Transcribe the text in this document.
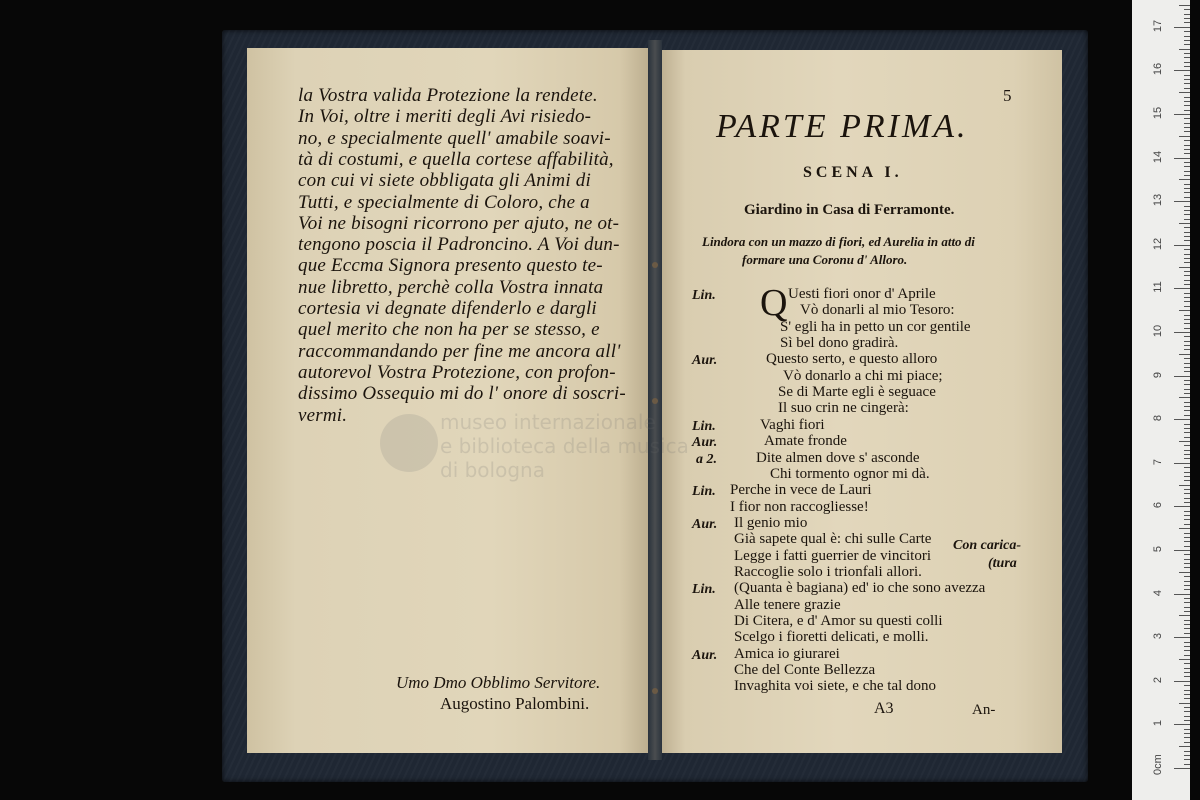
la Vostra valida Protezione la rendete.
In Voi, oltre i meriti degli Avi risiedo-
no, e specialmente quell' amabile soavi-
tà di costumi, e quella cortese affabilità,
con cui vi siete obbligata gli Animi di
Tutti, e specialmente di Coloro, che a
Voi ne bisogni ricorrono per ajuto, ne ot-
tengono poscia il Padroncino. A Voi dun-
que Eccma Signora presento questo te-
nue libretto, perchè colla Vostra innata
cortesia vi degnate difenderlo e dargli
quel merito che non ha per se stesso, e
raccommandando per fine me ancora all'
autorevol Vostra Protezione, con profon-
dissimo Ossequio mi do l' onore di soscri-
vermi.
Umo Dmo Obblimo Servitore.
Augostino Palombini.
5
PARTE PRIMA.
SCENA I.
Giardino in Casa di Ferramonte.
Lindora con un mazzo di fiori, ed Aurelia in atto di
formare una Coronu d' Alloro.
Q
Lin.	Uesti fiori onor d' Aprile
Vò donarli al mio Tesoro:
S' egli ha in petto un cor gentile
Sì bel dono gradirà.
Aur.	Questo serto, e questo alloro
Vò donarlo a chi mi piace;
Se di Marte egli è seguace
Il suo crin ne cingerà:
Lin.	Vaghi fiori
Aur.	Amate fronde
a 2.	Dite almen dove s' asconde
Chi tormento ognor mi dà.
Lin. Perche in vece de Lauri
I fior non raccogliesse!
Aur. Il genio mio
Già sapete qual è: chi sulle Carte
Legge i fatti guerrier de vincitori
Raccoglie solo i trionfali allori.
Lin. (Quanta è bagiana) ed' io che sono avezza
Alle tenere grazie
Di Citera, e d' Amor su questi colli
Scelgo i fioretti delicati, e molli.
Aur. Amica io giurarei
Che del Conte Bellezza
Invaghita voi siete, e che tal dono
Con carica-
(tura
A3	An-
0cm
1
2
3
4
5
6
7
8
9
10
11
12
13
14
15
16
17
